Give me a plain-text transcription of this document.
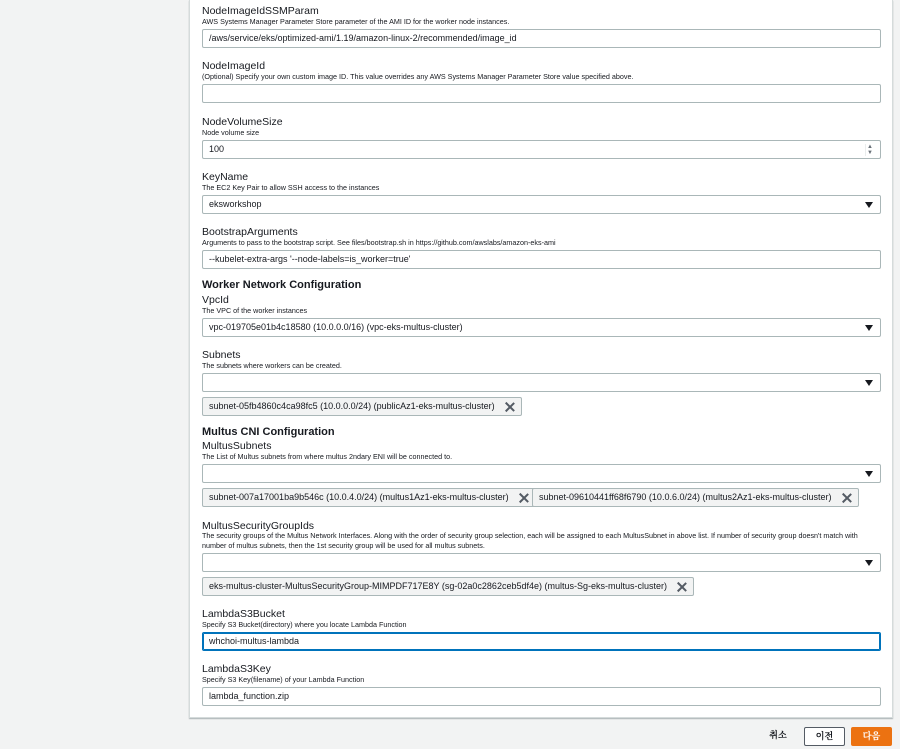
NodeImageIdSSMParam
AWS Systems Manager Parameter Store parameter of the AMI ID for the worker node instances.
/aws/service/eks/optimized-ami/1.19/amazon-linux-2/recommended/image_id
NodeImageId
(Optional) Specify your own custom image ID. This value overrides any AWS Systems Manager Parameter Store value specified above.
NodeVolumeSize
Node volume size
100	▲
▼
KeyName
The EC2 Key Pair to allow SSH access to the instances
eksworkshop
BootstrapArguments
Arguments to pass to the bootstrap script. See files/bootstrap.sh in https://github.com/awslabs/amazon-eks-ami
--kubelet-extra-args '--node-labels=is_worker=true'
Worker Network Configuration
VpcId
The VPC of the worker instances
vpc-019705e01b4c18580 (10.0.0.0/16) (vpc-eks-multus-cluster)
Subnets
The subnets where workers can be created.
subnet-05fb4860c4ca98fc5 (10.0.0.0/24) (publicAz1-eks-multus-cluster)
Multus CNI Configuration
MultusSubnets
The List of Multus subnets from where multus 2ndary ENI will be connected to.
subnet-007a17001ba9b546c (10.0.4.0/24) (multus1Az1-eks-multus-cluster)	subnet-09610441ff68f6790 (10.0.6.0/24) (multus2Az1-eks-multus-cluster)
MultusSecurityGroupIds
The security groups of the Multus Network Interfaces. Along with the order of security group selection, each will be assigned to each MultusSubnet in above list. If number of security group doesn't match with number of multus subnets, then the 1st security group will be used for all multus subnets.
eks-multus-cluster-MultusSecurityGroup-MIMPDF717E8Y (sg-02a0c2862ceb5df4e) (multus-Sg-eks-multus-cluster)
LambdaS3Bucket
Specify S3 Bucket(directory) where you locate Lambda Function
whchoi-multus-lambda
LambdaS3Key
Specify S3 Key(filename) of your Lambda Function
lambda_function.zip
취소	이전	다음
